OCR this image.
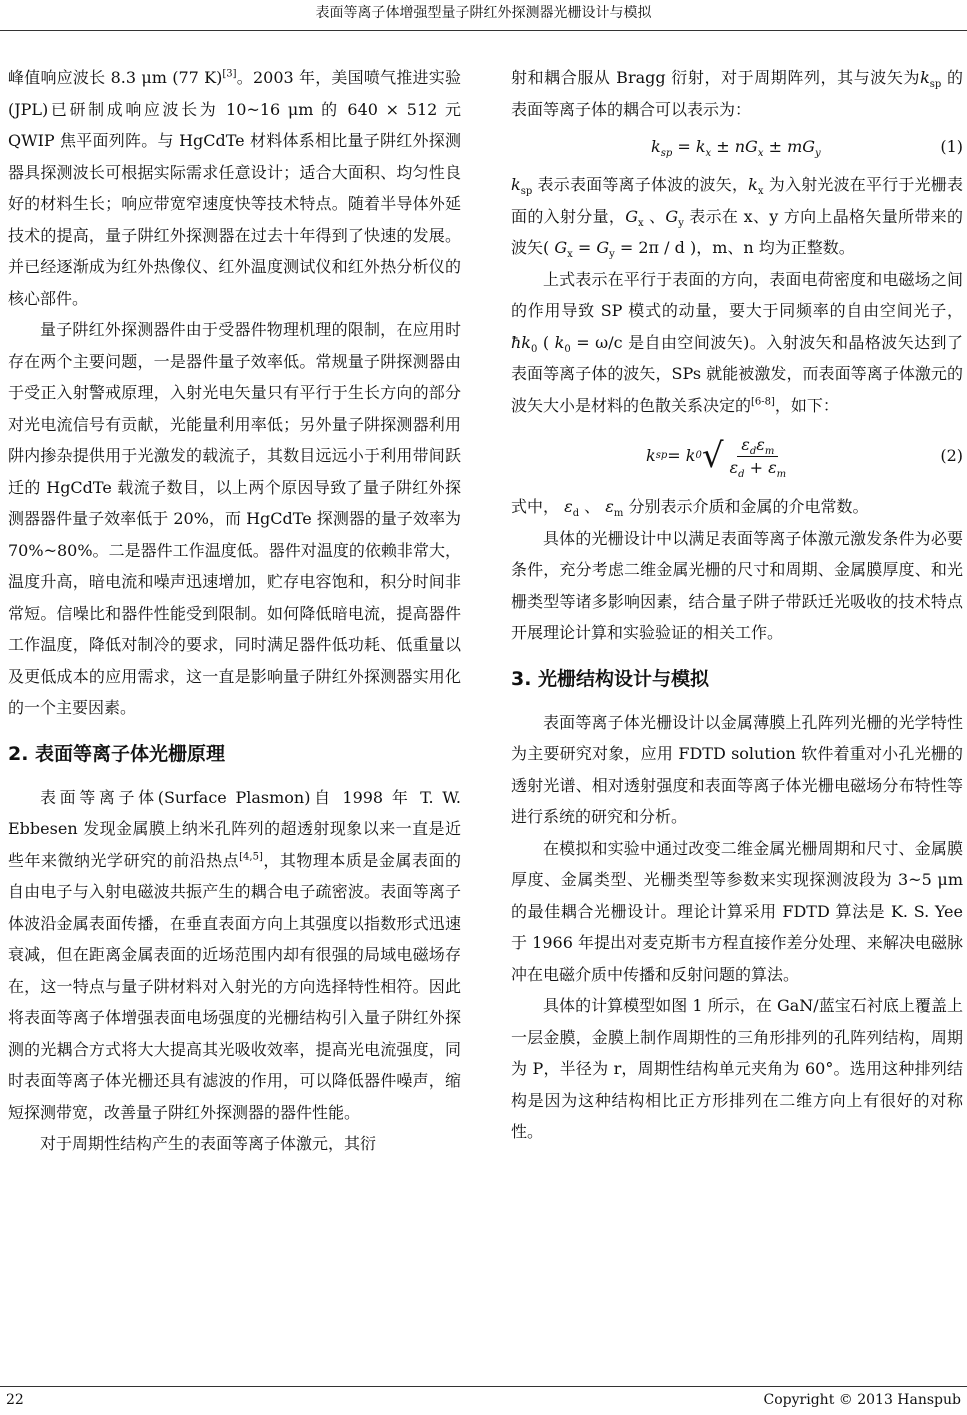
表面等离子体增强型量子阱红外探测器光栅设计与模拟

峰值响应波长 8.3 μm (77 K)[3]。2003 年，美国喷气推进实验(JPL)已研制成响应波长为 10~16 μm 的 640 × 512 元 QWIP 焦平面列阵。与 HgCdTe 材料体系相比量子阱红外探测器具探测波长可根据实际需求任意设计；适合大面积、均匀性良好的材料生长；响应带宽窄速度快等技术特点。随着半导体外延技术的提高，量子阱红外探测器在过去十年得到了快速的发展。并已经逐渐成为红外热像仪、红外温度测试仪和红外热分析仪的核心部件。

量子阱红外探测器件由于受器件物理机理的限制，在应用时存在两个主要问题，一是器件量子效率低。常规量子阱探测器由于受正入射警戒原理，入射光电矢量只有平行于生长方向的部分对光电流信号有贡献，光能量利用率低；另外量子阱探测器利用阱内掺杂提供用于光激发的载流子，其数目远远小于利用带间跃迁的 HgCdTe 载流子数目，以上两个原因导致了量子阱红外探测器器件量子效率低于 20%，而 HgCdTe 探测器的量子效率为 70%~80%。二是器件工作温度低。器件对温度的依赖非常大，温度升高，暗电流和噪声迅速增加，贮存电容饱和，积分时间非常短。信噪比和器件性能受到限制。如何降低暗电流，提高器件工作温度，降低对制冷的要求，同时满足器件低功耗、低重量以及更低成本的应用需求，这一直是影响量子阱红外探测器实用化的一个主要因素。

2. 表面等离子体光栅原理

表面等离子体(Surface Plasmon)自 1998 年 T. W. Ebbesen 发现金属膜上纳米孔阵列的超透射现象以来一直是近些年来微纳光学研究的前沿热点[4,5]，其物理本质是金属表面的自由电子与入射电磁波共振产生的耦合电子疏密波。表面等离子体波沿金属表面传播，在垂直表面方向上其强度以指数形式迅速衰减，但在距离金属表面的近场范围内却有很强的局域电磁场存在，这一特点与量子阱材料对入射光的方向选择特性相符。因此将表面等离子体增强表面电场强度的光栅结构引入量子阱红外探测的光耦合方式将大大提高其光吸收效率，提高光电流强度，同时表面等离子体光栅还具有滤波的作用，可以降低器件噪声，缩短探测带宽，改善量子阱红外探测器的器件性能。

对于周期性结构产生的表面等离子体激元，其衍

射和耦合服从 Bragg 衍射，对于周期阵列，其与波矢为$k_{sp}$ 的表面等离子体的耦合可以表示为：

$k_{sp} = k_x \pm nG_x \pm mG_y$	(1)

$k_{sp}$ 表示表面等离子体波的波矢，$k_x$ 为入射光波在平行于光栅表面的入射分量，$G_x$ 、$G_y$ 表示在 x、y 方向上晶格矢量所带来的波矢( $G_x = G_y = 2\pi / d$ )，m、n 均为正整数。

上式表示在平行于表面的方向，表面电荷密度和电磁场之间的作用导致 SP 模式的动量，要大于同频率的自由空间光子，$ħk_0$ ( $k_0 = \omega/c$ 是自由空间波矢)。入射波矢和晶格波矢达到了表面等离子体的波矢，SPs 就能被激发，而表面等离子体激元的波矢大小是材料的色散关系决定的[6-8]，如下：

k sp = k 0 √ $\frac{\varepsilon_d\varepsilon_m}{\varepsilon_d + \varepsilon_m}$	(2)

式中， $\varepsilon_d$ 、 $\varepsilon_m$ 分别表示介质和金属的介电常数。

具体的光栅设计中以满足表面等离子体激元激发条件为必要条件，充分考虑二维金属光栅的尺寸和周期、金属膜厚度、和光栅类型等诸多影响因素，结合量子阱子带跃迁光吸收的技术特点开展理论计算和实验验证的相关工作。

3. 光栅结构设计与模拟

表面等离子体光栅设计以金属薄膜上孔阵列光栅的光学特性为主要研究对象，应用 FDTD solution 软件着重对小孔光栅的透射光谱、相对透射强度和表面等离子体光栅电磁场分布特性等进行系统的研究和分析。

在模拟和实验中通过改变二维金属光栅周期和尺寸、金属膜厚度、金属类型、光栅类型等参数来实现探测波段为 3~5 μm 的最佳耦合光栅设计。理论计算采用 FDTD 算法是 K. S. Yee 于 1966 年提出对麦克斯韦方程直接作差分处理、来解决电磁脉冲在电磁介质中传播和反射问题的算法。

具体的计算模型如图 1 所示，在 GaN/蓝宝石衬底上覆盖上一层金膜，金膜上制作周期性的三角形排列的孔阵列结构，周期为 P，半径为 r，周期性结构单元夹角为 60°。选用这种排列结构是因为这种结构相比正方形排列在二维方向上有很好的对称性。

22	Copyright © 2013 Hanspub
